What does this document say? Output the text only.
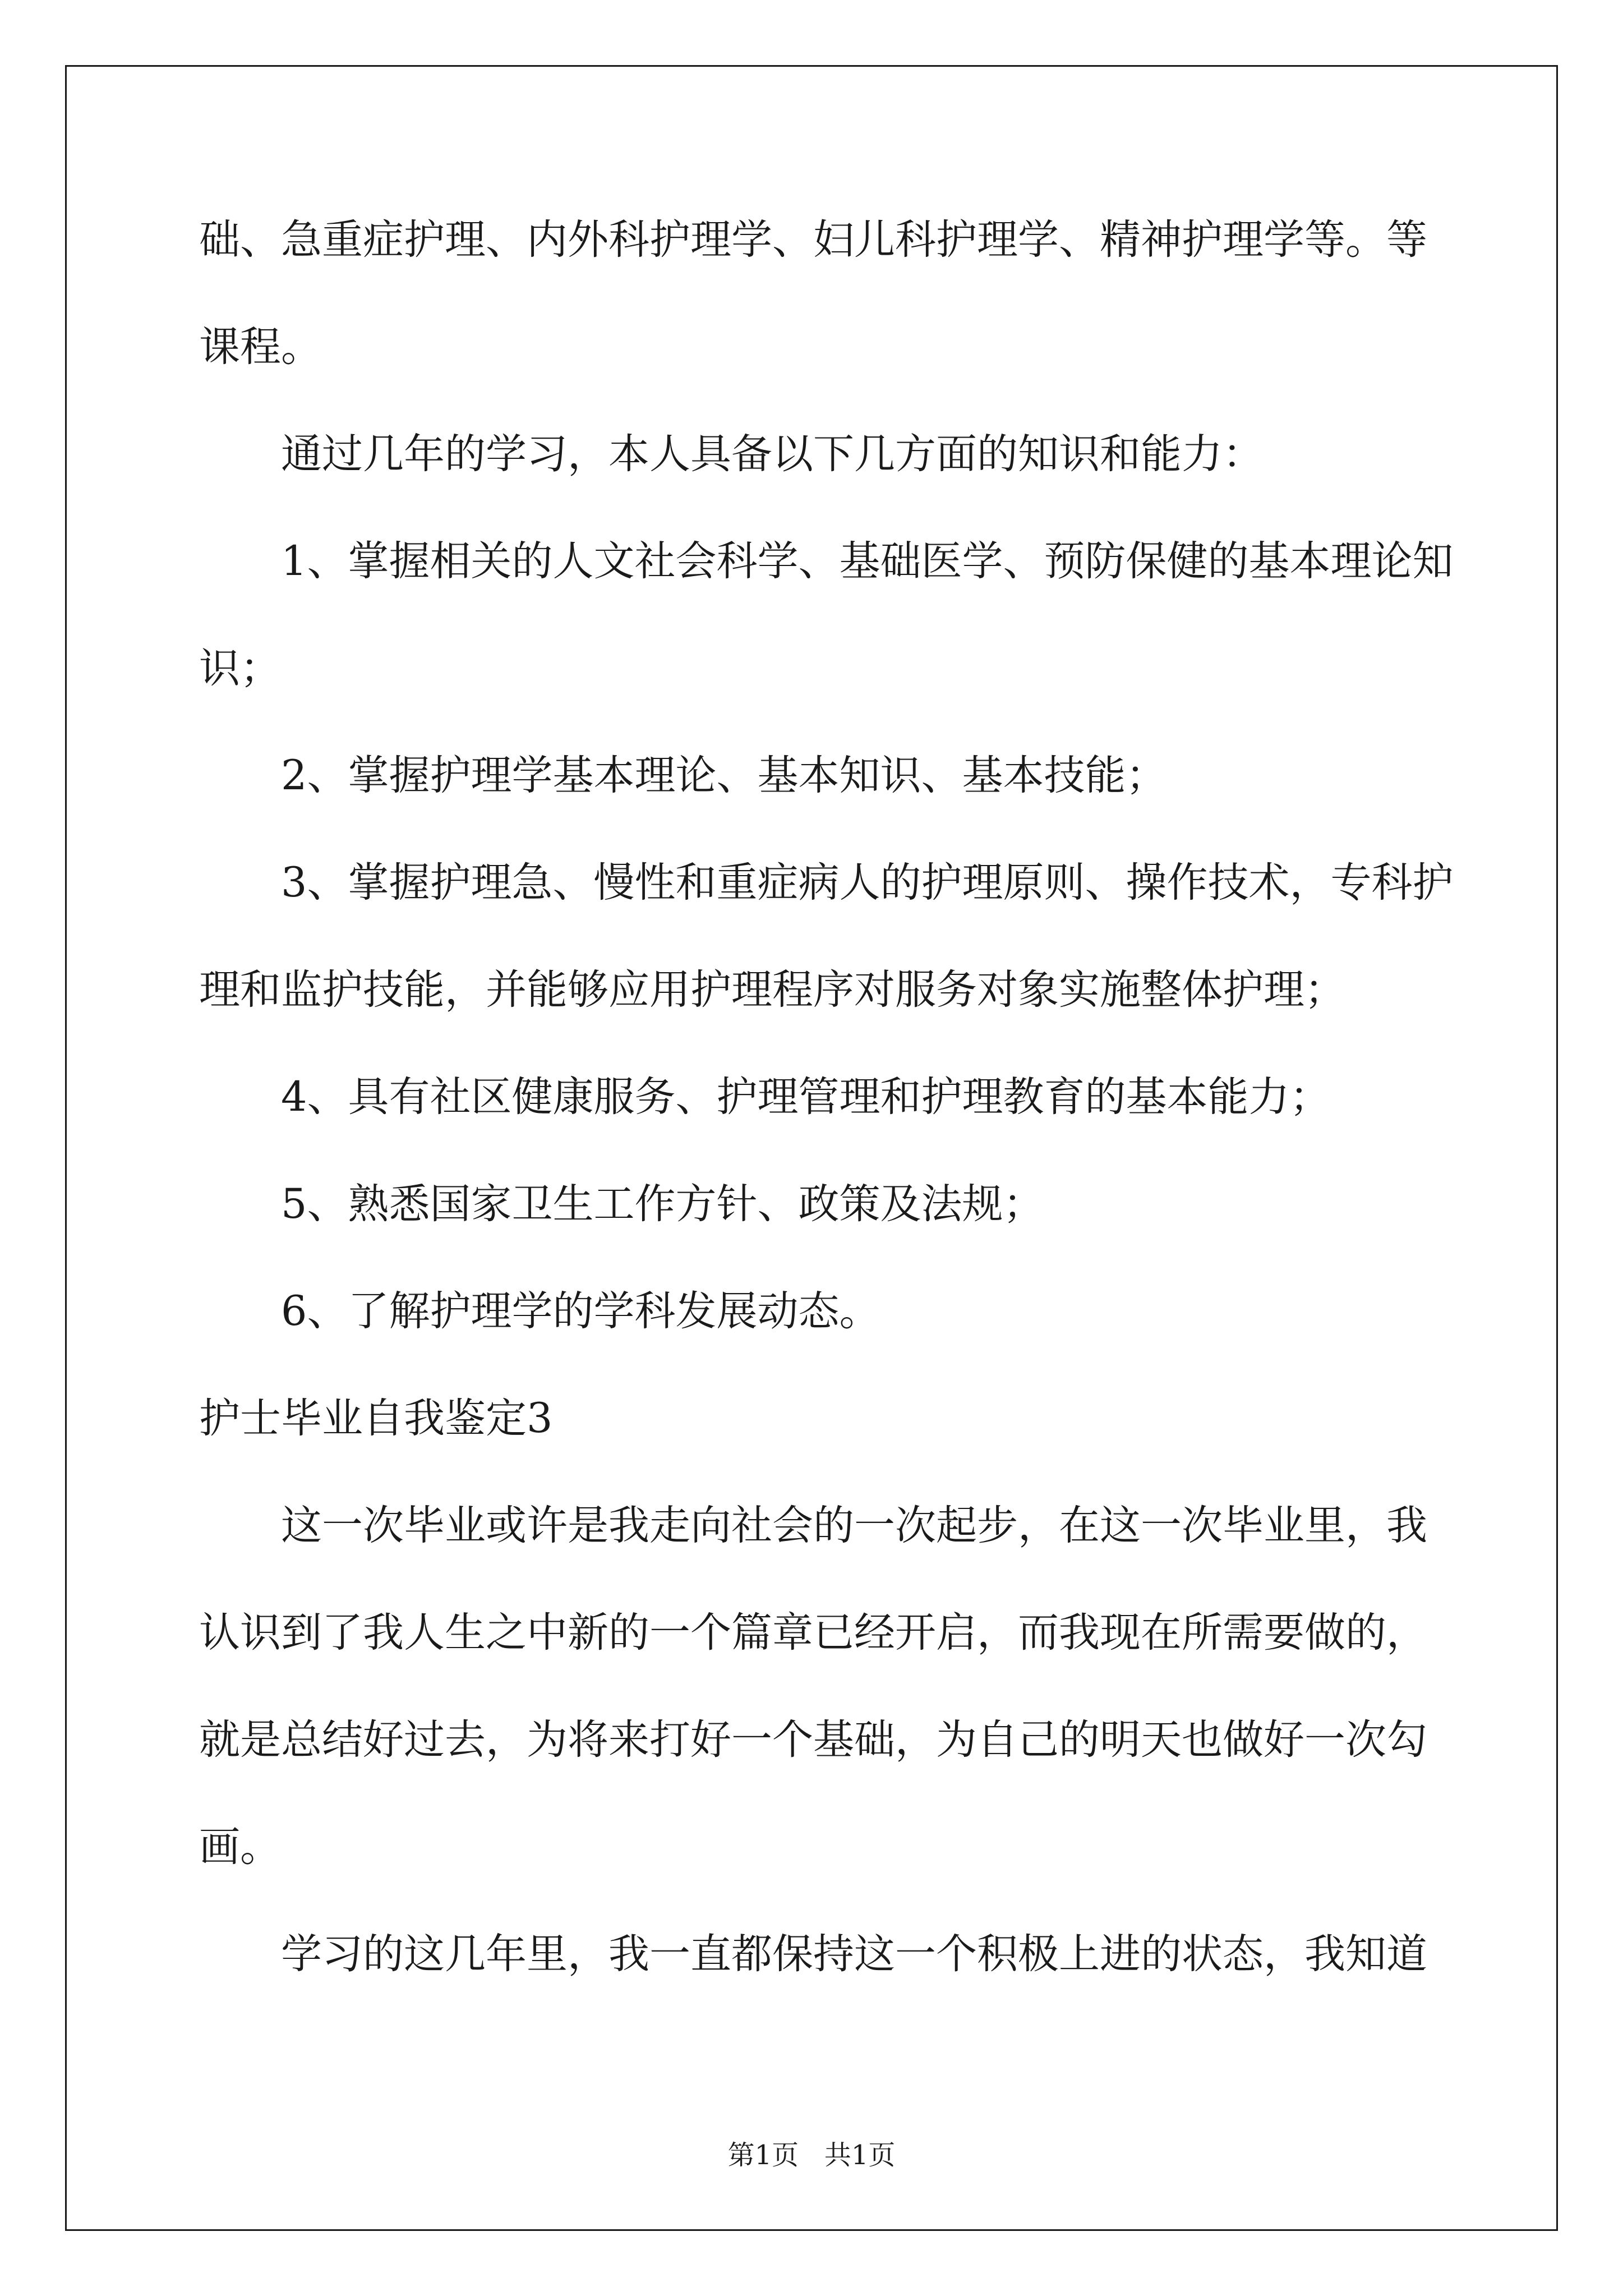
础、急重症护理、内外科护理学、妇儿科护理学、精神护理学等。等
课程。
通过几年的学习，本人具备以下几方面的知识和能力：
1、掌握相关的人文社会科学、基础医学、预防保健的基本理论知
识；
2、掌握护理学基本理论、基本知识、基本技能；
3、掌握护理急、慢性和重症病人的护理原则、操作技术，专科护
理和监护技能，并能够应用护理程序对服务对象实施整体护理；
4、具有社区健康服务、护理管理和护理教育的基本能力；
5、熟悉国家卫生工作方针、政策及法规；
6、了解护理学的学科发展动态。
护士毕业自我鉴定3
这一次毕业或许是我走向社会的一次起步，在这一次毕业里，我
认识到了我人生之中新的一个篇章已经开启，而我现在所需要做的，
就是总结好过去，为将来打好一个基础，为自己的明天也做好一次勾
画。
学习的这几年里，我一直都保持这一个积极上进的状态，我知道
第1页   共1页
